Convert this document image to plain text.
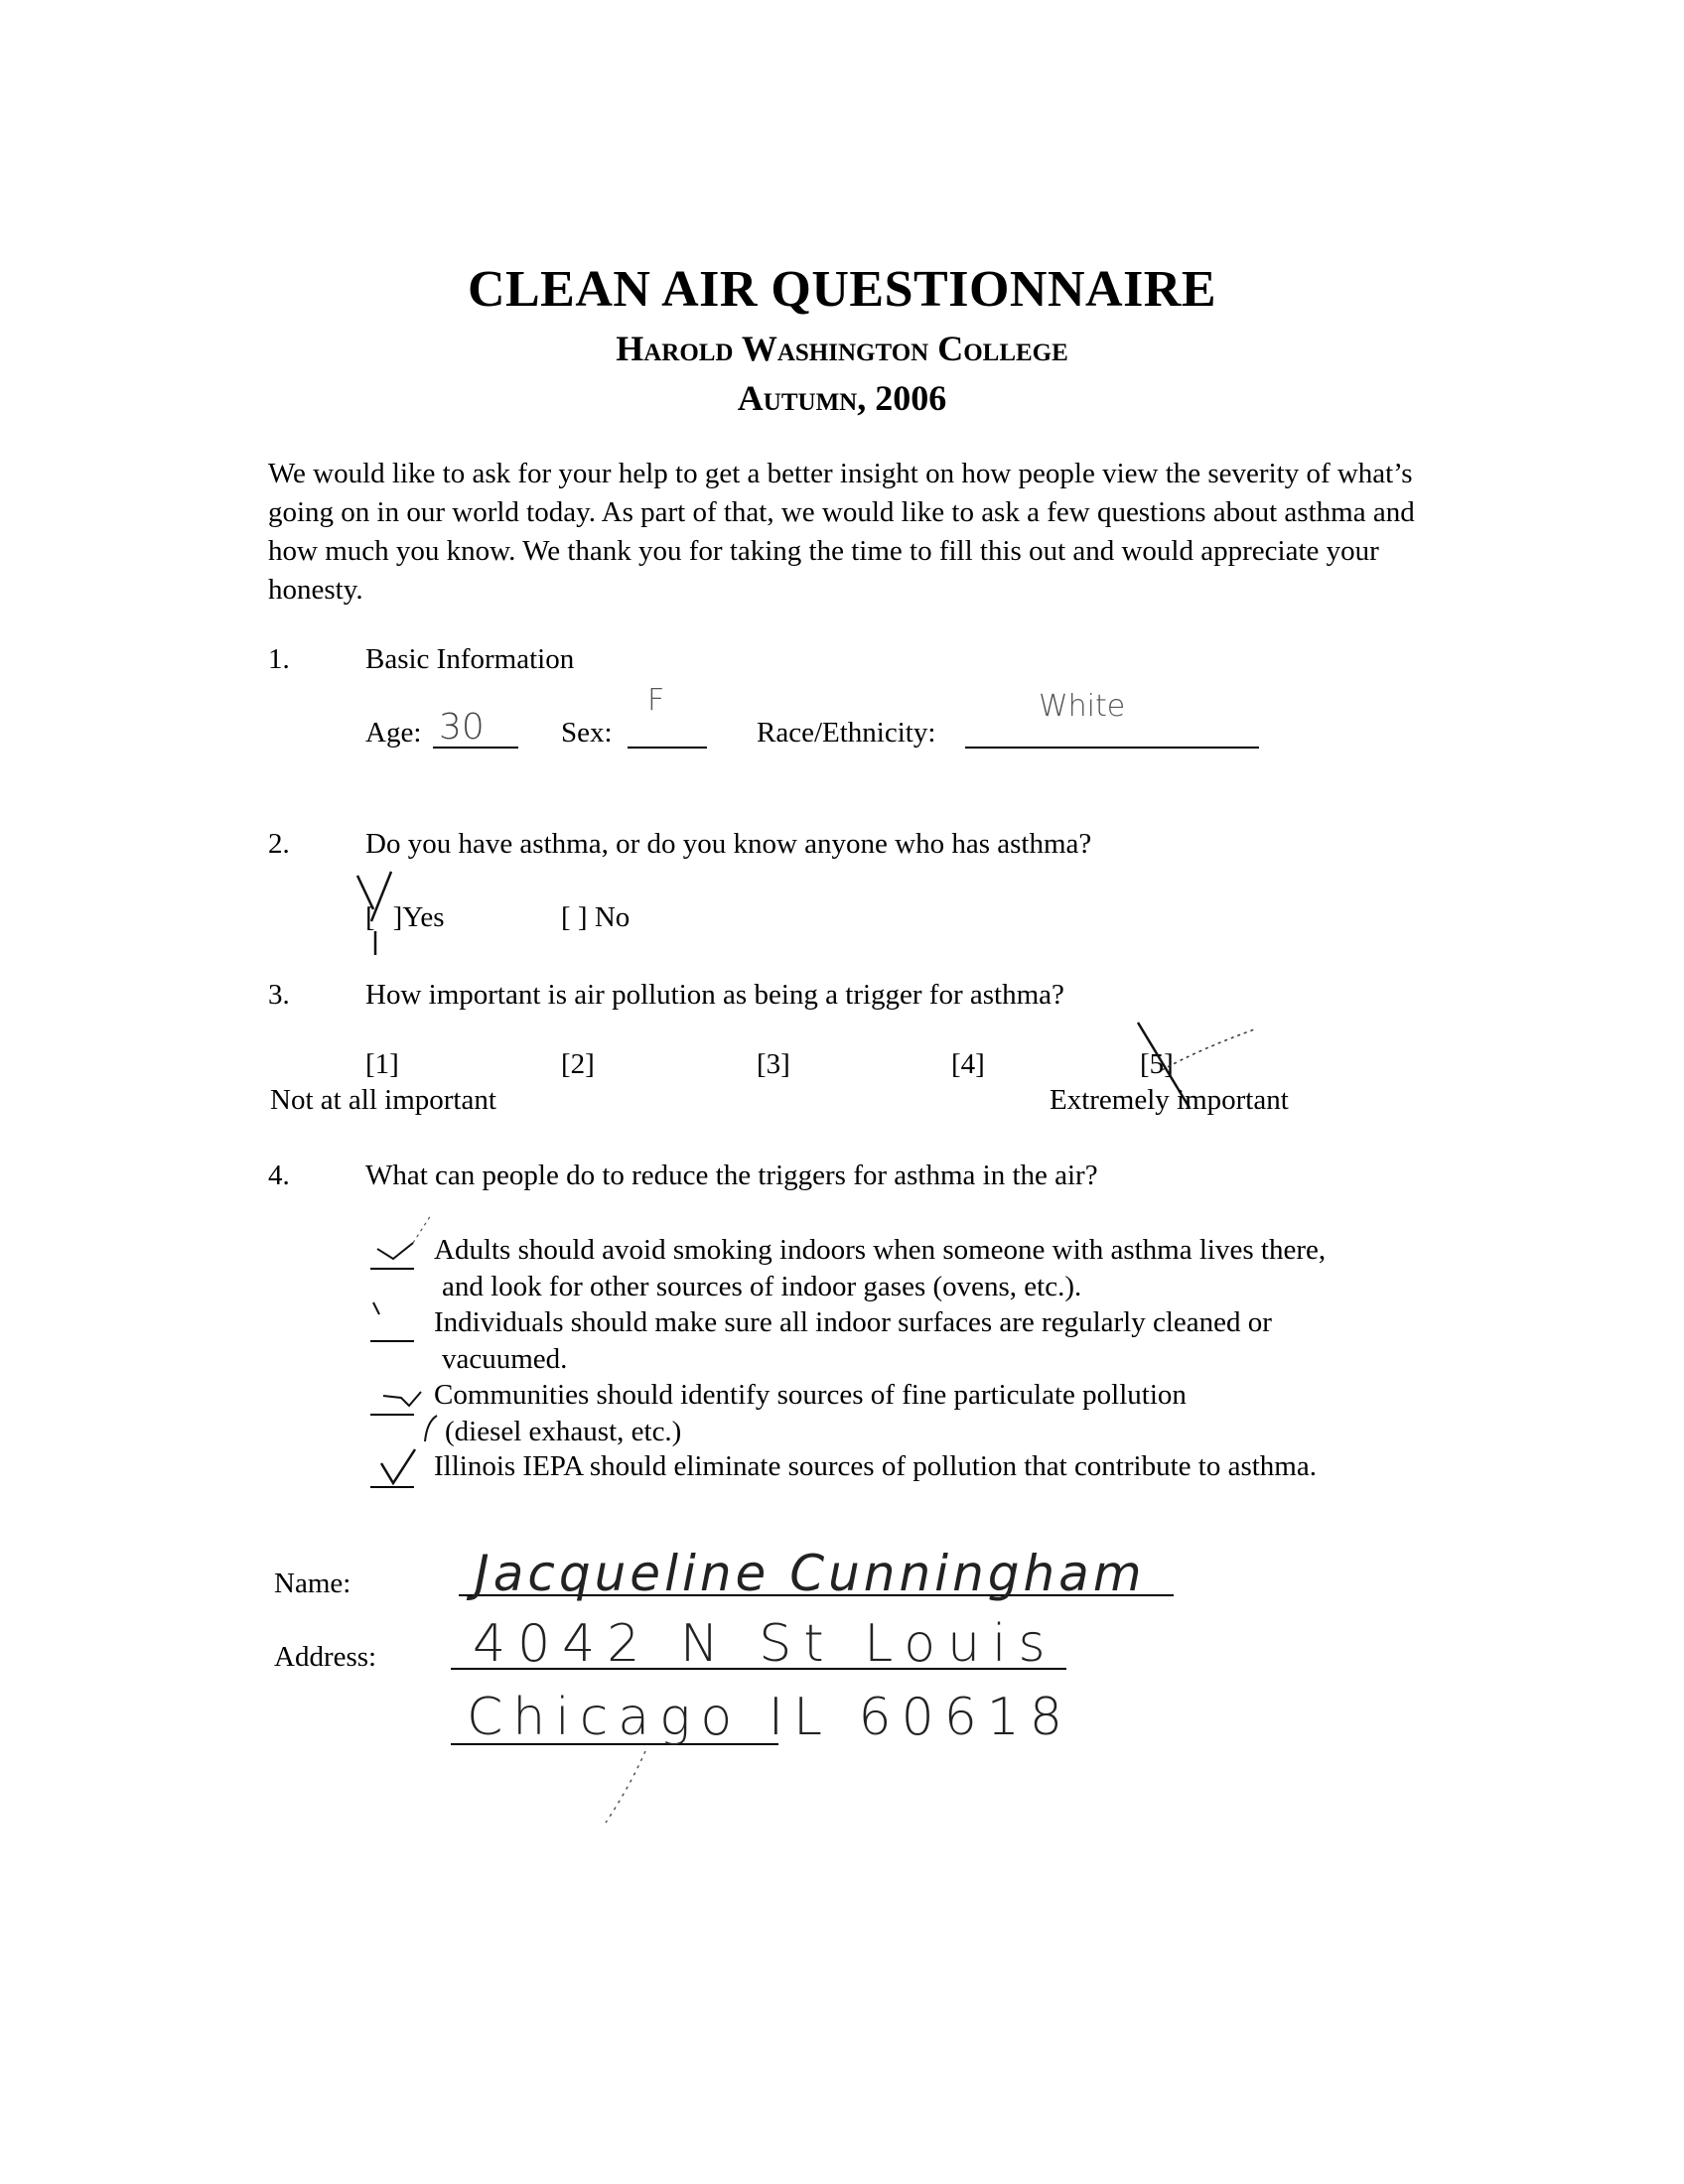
CLEAN AIR QUESTIONNAIRE
Harold Washington College
Autumn, 2006
We would like to ask for your help to get a better insight on how people view the severity of what’s going on in our world today. As part of that, we would like to ask a few questions about asthma and how much you know. We thank you for taking the time to fill this out and would appreciate your honesty.
1.	Basic Information
Age: 30	Sex:
F
Race/Ethnicity:
White
2.	Do you have asthma, or do you know anyone who has asthma?
[ ]Yes	[ ] No
3.	How important is air pollution as being a trigger for asthma?
[1]	[2]	[3]	[4]	[5]
Not at all important	Extremely important
4.	What can people do to reduce the triggers for asthma in the air?
Adults should avoid smoking indoors when someone with asthma lives there,
and look for other sources of indoor gases (ovens, etc.).
Individuals should make sure all indoor surfaces are regularly cleaned or
vacuumed.
Communities should identify sources of fine particulate pollution
(diesel exhaust, etc.)
Illinois IEPA should eliminate sources of pollution that contribute to asthma.
Name: Jacqueline Cunningham
Address: 4042 N St Louis
Chicago IL 60618
